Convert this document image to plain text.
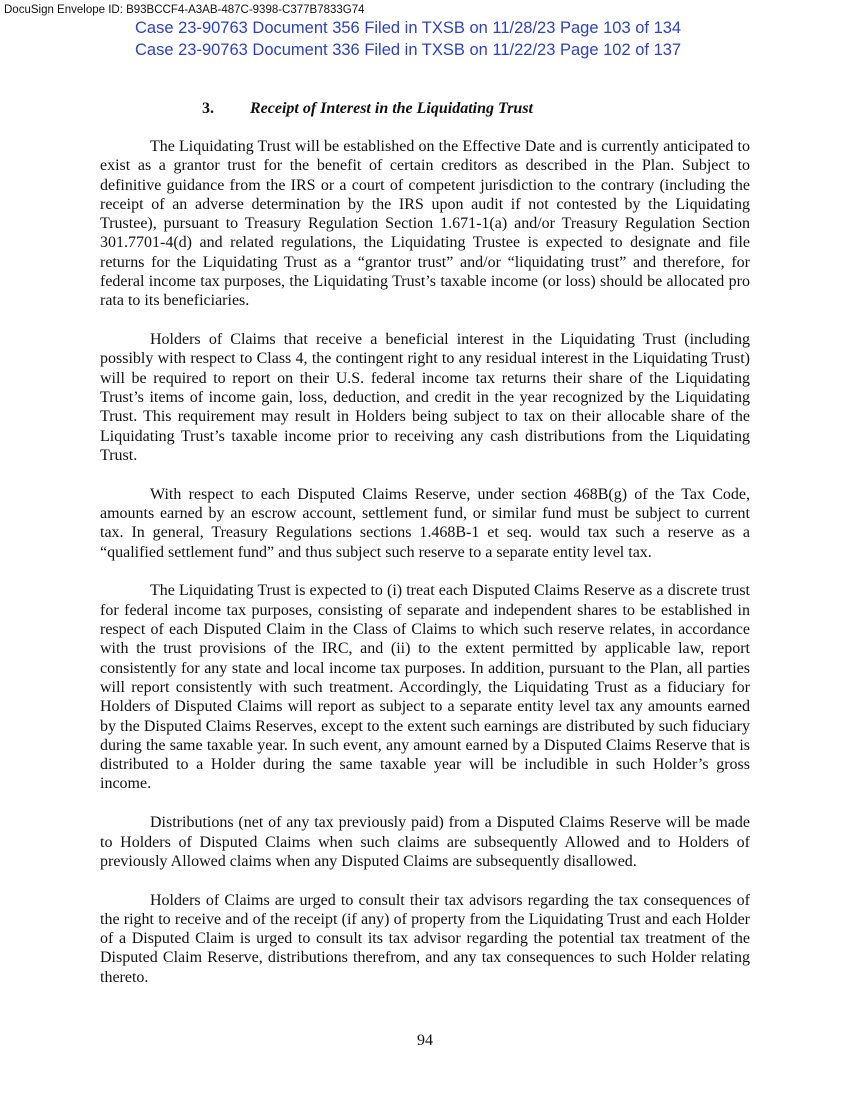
DocuSign Envelope ID: B93BCCF4-A3AB-487C-9398-C377B7833G74
Case 23-90763 Document 356 Filed in TXSB on 11/28/23 Page 103 of 134
Case 23-90763 Document 336 Filed in TXSB on 11/22/23 Page 102 of 137
3. Receipt of Interest in the Liquidating Trust

The Liquidating Trust will be established on the Effective Date and is currently anticipated to exist as a grantor trust for the benefit of certain creditors as described in the Plan. Subject to definitive guidance from the IRS or a court of competent jurisdiction to the contrary (including the receipt of an adverse determination by the IRS upon audit if not contested by the Liquidating Trustee), pursuant to Treasury Regulation Section 1.671-1(a) and/or Treasury Regulation Section 301.7701-4(d) and related regulations, the Liquidating Trustee is expected to designate and file returns for the Liquidating Trust as a “grantor trust” and/or “liquidating trust” and therefore, for federal income tax purposes, the Liquidating Trust’s taxable income (or loss) should be allocated pro rata to its beneficiaries.

Holders of Claims that receive a beneficial interest in the Liquidating Trust (including possibly with respect to Class 4, the contingent right to any residual interest in the Liquidating Trust) will be required to report on their U.S. federal income tax returns their share of the Liquidating Trust’s items of income gain, loss, deduction, and credit in the year recognized by the Liquidating Trust. This requirement may result in Holders being subject to tax on their allocable share of the Liquidating Trust’s taxable income prior to receiving any cash distributions from the Liquidating Trust.

With respect to each Disputed Claims Reserve, under section 468B(g) of the Tax Code, amounts earned by an escrow account, settlement fund, or similar fund must be subject to current tax. In general, Treasury Regulations sections 1.468B-1 et seq. would tax such a reserve as a “qualified settlement fund” and thus subject such reserve to a separate entity level tax.

The Liquidating Trust is expected to (i) treat each Disputed Claims Reserve as a discrete trust for federal income tax purposes, consisting of separate and independent shares to be established in respect of each Disputed Claim in the Class of Claims to which such reserve relates, in accordance with the trust provisions of the IRC, and (ii) to the extent permitted by applicable law, report consistently for any state and local income tax purposes. In addition, pursuant to the Plan, all parties will report consistently with such treatment. Accordingly, the Liquidating Trust as a fiduciary for Holders of Disputed Claims will report as subject to a separate entity level tax any amounts earned by the Disputed Claims Reserves, except to the extent such earnings are distributed by such fiduciary during the same taxable year. In such event, any amount earned by a Disputed Claims Reserve that is distributed to a Holder during the same taxable year will be includible in such Holder’s gross income.

Distributions (net of any tax previously paid) from a Disputed Claims Reserve will be made to Holders of Disputed Claims when such claims are subsequently Allowed and to Holders of previously Allowed claims when any Disputed Claims are subsequently disallowed.

Holders of Claims are urged to consult their tax advisors regarding the tax consequences of the right to receive and of the receipt (if any) of property from the Liquidating Trust and each Holder of a Disputed Claim is urged to consult its tax advisor regarding the potential tax treatment of the Disputed Claim Reserve, distributions therefrom, and any tax consequences to such Holder relating thereto.

94
